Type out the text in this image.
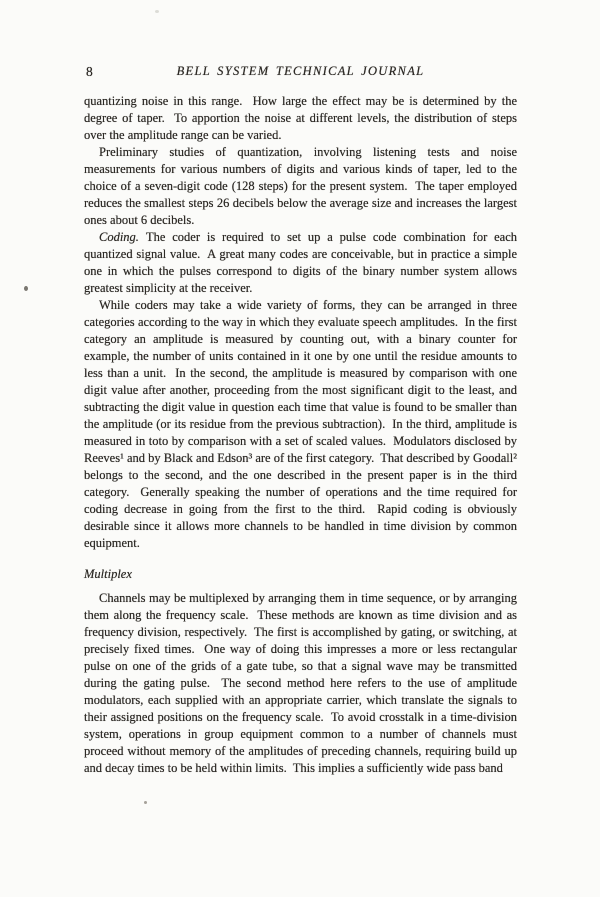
8	BELL SYSTEM TECHNICAL JOURNAL

quantizing noise in this range.  How large the effect may be is determined by the degree of taper.  To apportion the noise at different levels, the distribution of steps over the amplitude range can be varied.

Preliminary studies of quantization, involving listening tests and noise measurements for various numbers of digits and various kinds of taper, led to the choice of a seven-digit code (128 steps) for the present system.  The taper employed reduces the smallest steps 26 decibels below the average size and increases the largest ones about 6 decibels.

Coding. The coder is required to set up a pulse code combination for each quantized signal value.  A great many codes are conceivable, but in practice a simple one in which the pulses correspond to digits of the binary number system allows greatest simplicity at the receiver.

While coders may take a wide variety of forms, they can be arranged in three categories according to the way in which they evaluate speech amplitudes.  In the first category an amplitude is measured by counting out, with a binary counter for example, the number of units contained in it one by one until the residue amounts to less than a unit.  In the second, the amplitude is measured by comparison with one digit value after another, proceeding from the most significant digit to the least, and subtracting the digit value in question each time that value is found to be smaller than the amplitude (or its residue from the previous subtraction).  In the third, amplitude is measured in toto by comparison with a set of scaled values.  Modulators disclosed by Reeves¹ and by Black and Edson³ are of the first category.  That described by Goodall² belongs to the second, and the one described in the present paper is in the third category.  Generally speaking the number of operations and the time required for coding decrease in going from the first to the third.  Rapid coding is obviously desirable since it allows more channels to be handled in time division by common equipment.

Multiplex

Channels may be multiplexed by arranging them in time sequence, or by arranging them along the frequency scale.  These methods are known as time division and as frequency division, respectively.  The first is accomplished by gating, or switching, at precisely fixed times.  One way of doing this impresses a more or less rectangular pulse on one of the grids of a gate tube, so that a signal wave may be transmitted during the gating pulse.  The second method here refers to the use of amplitude modulators, each supplied with an appropriate carrier, which translate the signals to their assigned positions on the frequency scale.  To avoid crosstalk in a time-division system, operations in group equipment common to a number of channels must proceed without memory of the amplitudes of preceding channels, requiring build up and decay times to be held within limits.  This implies a sufficiently wide pass band
